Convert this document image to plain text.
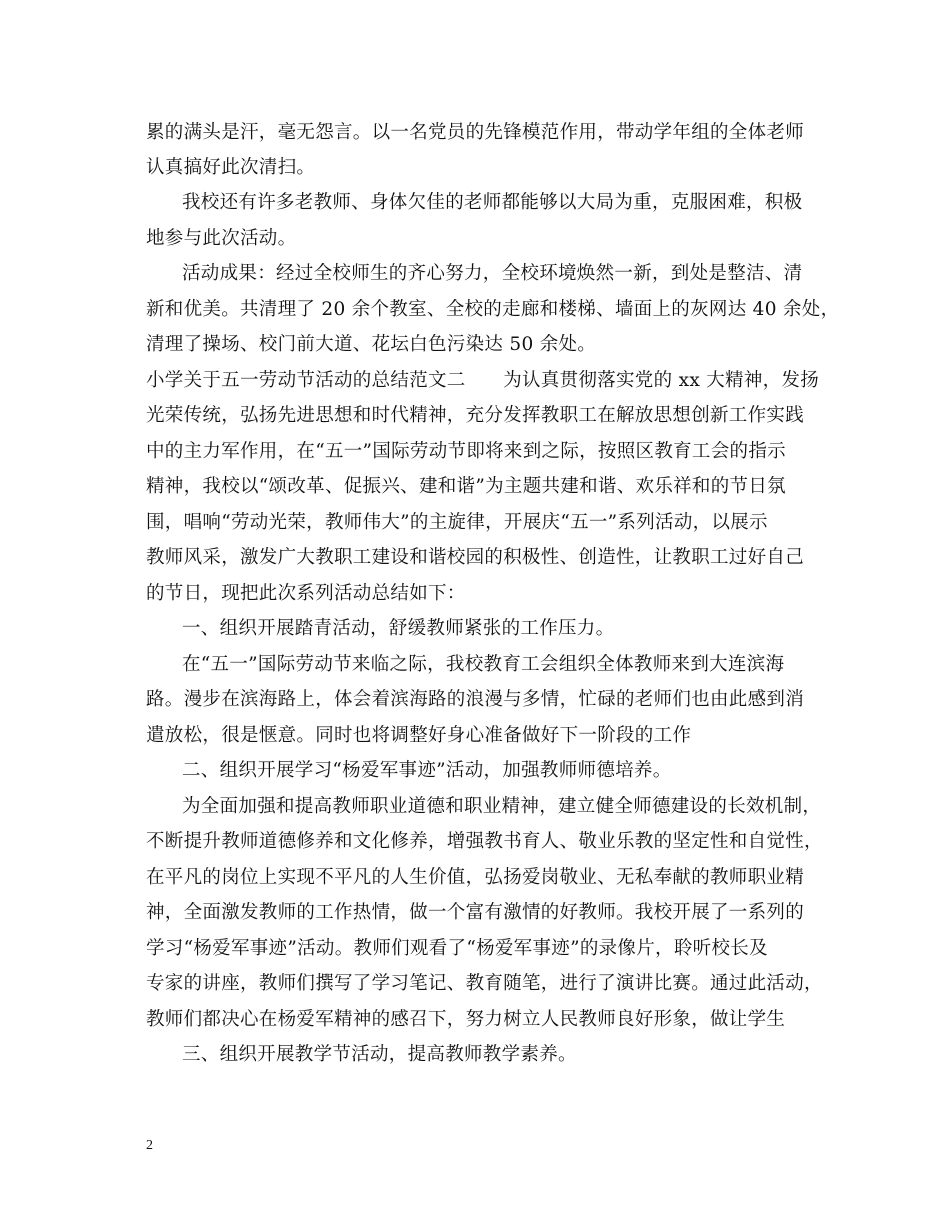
累的满头是汗，毫无怨言。以一名党员的先锋模范作用，带动学年组的全体老师
认真搞好此次清扫。
我校还有许多老教师、身体欠佳的老师都能够以大局为重，克服困难，积极
地参与此次活动。
活动成果：经过全校师生的齐心努力，全校环境焕然一新，到处是整洁、清
新和优美。共清理了 20 余个教室、全校的走廊和楼梯、墙面上的灰网达 40 余处，
清理了操场、校门前大道、花坛白色污染达 50 余处。
小学关于五一劳动节活动的总结范文二　　为认真贯彻落实党的 xx 大精神，发扬
光荣传统，弘扬先进思想和时代精神，充分发挥教职工在解放思想创新工作实践
中的主力军作用，在“五一”国际劳动节即将来到之际，按照区教育工会的指示
精神，我校以“颂改革、促振兴、建和谐”为主题共建和谐、欢乐祥和的节日氛
围，唱响“劳动光荣，教师伟大”的主旋律，开展庆“五一”系列活动，以展示
教师风采，激发广大教职工建设和谐校园的积极性、创造性，让教职工过好自己
的节日，现把此次系列活动总结如下：
一、组织开展踏青活动，舒缓教师紧张的工作压力。
在“五一”国际劳动节来临之际，我校教育工会组织全体教师来到大连滨海
路。漫步在滨海路上，体会着滨海路的浪漫与多情，忙碌的老师们也由此感到消
遣放松，很是惬意。同时也将调整好身心准备做好下一阶段的工作
二、组织开展学习“杨爱军事迹”活动，加强教师师德培养。
为全面加强和提高教师职业道德和职业精神，建立健全师德建设的长效机制，
不断提升教师道德修养和文化修养，增强教书育人、敬业乐教的坚定性和自觉性，
在平凡的岗位上实现不平凡的人生价值，弘扬爱岗敬业、无私奉献的教师职业精
神，全面激发教师的工作热情，做一个富有激情的好教师。我校开展了一系列的
学习“杨爱军事迹”活动。教师们观看了“杨爱军事迹”的录像片，聆听校长及
专家的讲座，教师们撰写了学习笔记、教育随笔，进行了演讲比赛。通过此活动，
教师们都决心在杨爱军精神的感召下，努力树立人民教师良好形象，做让学生
三、组织开展教学节活动，提高教师教学素养。
2
